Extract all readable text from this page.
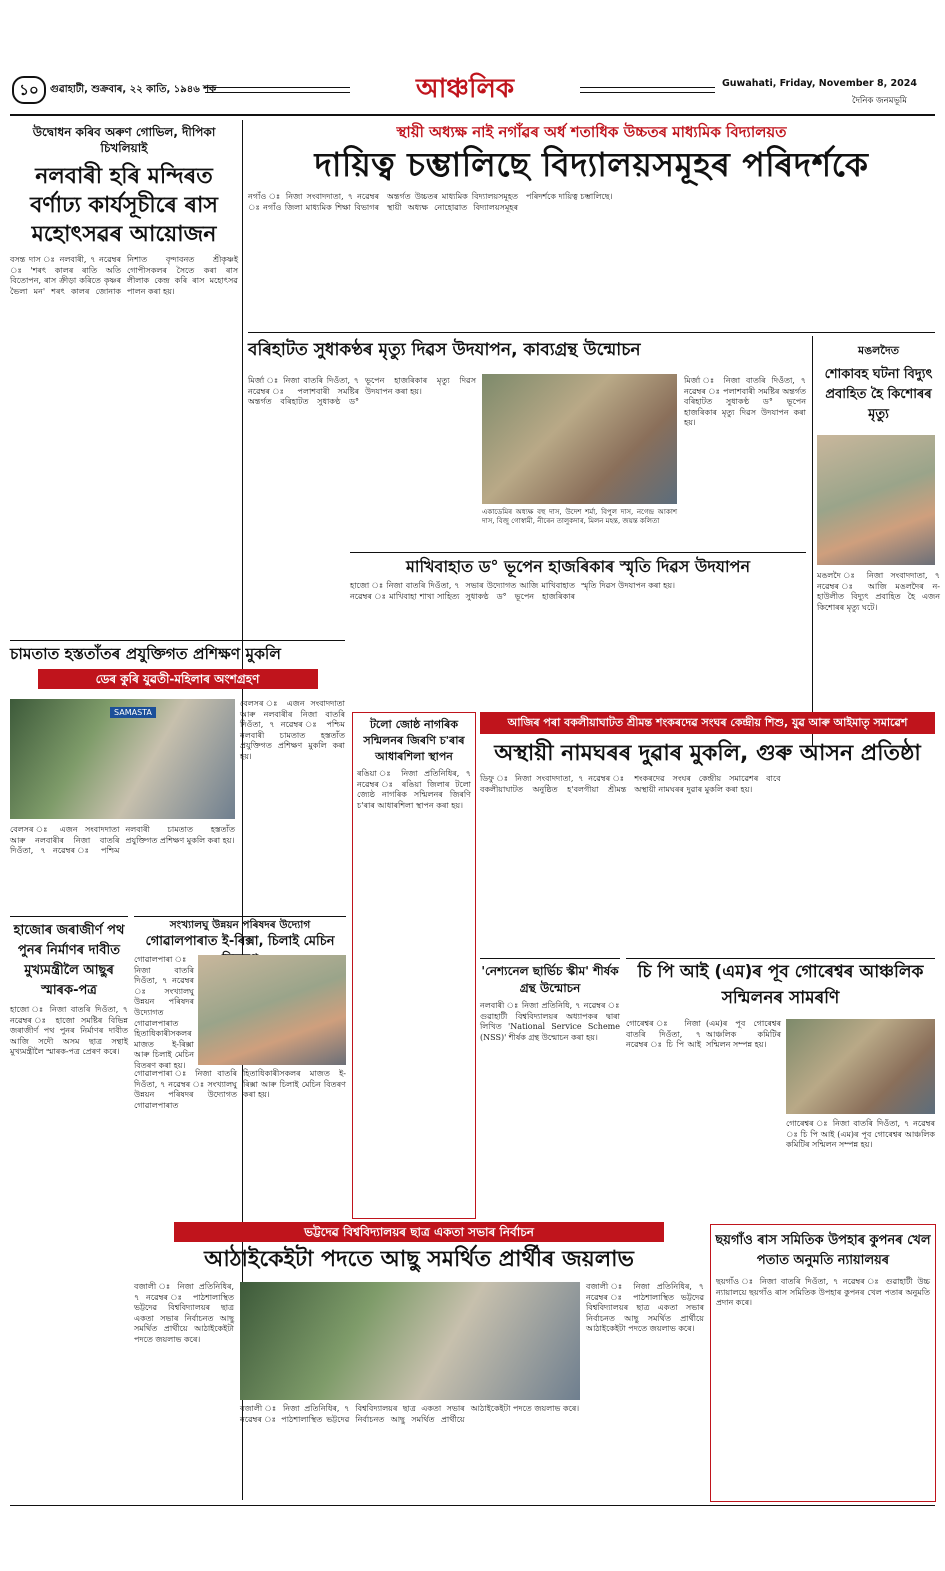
১০	গুৱাহাটী, শুক্ৰবাৰ, ২২ কাতি, ১৯৪৬ শক	আঞ্চলিক	Guwahati, Friday, November 8, 2024
দৈনিক জনমভূমি
উদ্বোধন কৰিব অৰুণ গোভিল, দীপিকা চিখলিয়াই
নলবাৰী হৰি মন্দিৰত বৰ্ণাঢ্য কাৰ্যসূচীৰে ৰাস মহোৎসৱৰ আয়োজন
বসন্ত দাস ঃ নলবাৰী, ৭ নৱেম্বৰ ঃ 'শৰৎ কালৰ ৰাতি অতি বিতোপন, ৰাস ক্ৰীড়া কৰিতে কৃষ্ণৰ ভৈলা মন' শৰৎ কালৰ জোনাক নিশাত বৃন্দাবনত শ্ৰীকৃষ্ণই গোপীসকলৰ সৈতে কৰা ৰাস লীলাক কেন্দ্ৰ কৰি ৰাস মহোৎসৱ পালন কৰা হয়।
স্থায়ী অধ্যক্ষ নাই নগাঁৱৰ অৰ্ধ শতাধিক উচ্চতৰ মাধ্যমিক বিদ্যালয়ত
দায়িত্ব চম্ভালিছে বিদ্যালয়সমূহৰ পৰিদৰ্শকে
নগাঁও ঃ নিজা সংবাদদাতা, ৭ নৱেম্বৰ ঃ নগাঁও জিলা মাধ্যমিক শিক্ষা বিভাগৰ অন্তৰ্গত উচ্চতৰ মাধ্যমিক বিদ্যালয়সমূহত স্থায়ী অধ্যক্ষ নোহোৱাত বিদ্যালয়সমূহৰ পৰিদৰ্শকে দায়িত্ব চম্ভালিছে।
মঙলদৈত
শোকাবহ ঘটনা বিদ্যুৎ প্ৰবাহিত হৈ কিশোৰৰ মৃত্যু
মঙলদৈ ঃ নিজা সংবাদদাতা, ৭ নৱেম্বৰ ঃ আজি মঙলদৈৰ ন-হাউলীত বিদ্যুৎ প্ৰবাহিত হৈ এজন কিশোৰৰ মৃত্যু ঘটে।
বৰিহাটত সুধাকণ্ঠৰ মৃত্যু দিৱস উদযাপন, কাব্যগ্ৰন্থ উন্মোচন
মিৰ্জা ঃ নিজা বাতৰি দিওঁতা, ৭ নৱেম্বৰ ঃ পলাশবাৰী সমষ্টিৰ অন্তৰ্গত বৰিহাটত সুধাকণ্ঠ ড° ভূপেন হাজৰিকাৰ মৃত্যু দিৱস উদযাপন কৰা হয়।
একাডেমিৰ অধ্যক্ষ বহু দাস, উদেশ শৰ্মা, বিপুল দাস, নগেন্দ্ৰ আকাশ দাস, বিজু গোস্বামী, নীৰেন তালুকদাৰ, মিলন মহন্ত, জয়ন্ত কলিতা
মিৰ্জা ঃ নিজা বাতৰি দিওঁতা, ৭ নৱেম্বৰ ঃ পলাশবাৰী সমষ্টিৰ অন্তৰ্গত বৰিহাটত সুধাকণ্ঠ ড° ভূপেন হাজৰিকাৰ মৃত্যু দিৱস উদযাপন কৰা হয়।
মাখিবাহাত ড° ভূপেন হাজৰিকাৰ স্মৃতি দিৱস উদযাপন
হাজো ঃ নিজা বাতৰি দিওঁতা, ৭ নৱেম্বৰ ঃ মাখিবাহা শাখা সাহিত্য সভাৰ উদ্যোগত আজি মাখিবাহাত সুধাকণ্ঠ ড° ভূপেন হাজৰিকাৰ স্মৃতি দিৱস উদযাপন কৰা হয়।
চামতাত হস্ততাঁতৰ প্ৰযুক্তিগত প্ৰশিক্ষণ মুকলি
ডেৰ কুৰি যুৱতী-মহিলাৰ অংশগ্ৰহণ
SAMASTA
বেলসৰ ঃ এজন সংবাদদাতা আৰু নলবাৰীৰ নিজা বাতৰি দিওঁতা, ৭ নৱেম্বৰ ঃ পশ্চিম নলবাৰী চামতাত হস্ততাঁত প্ৰযুক্তিগত প্ৰশিক্ষণ মুকলি কৰা হয়।
বেলসৰ ঃ এজন সংবাদদাতা আৰু নলবাৰীৰ নিজা বাতৰি দিওঁতা, ৭ নৱেম্বৰ ঃ পশ্চিম নলবাৰী চামতাত হস্ততাঁত প্ৰযুক্তিগত প্ৰশিক্ষণ মুকলি কৰা হয়।
টলো জোষ্ঠ নাগৰিক সন্মিলনৰ জিৰণি চ'ৰাৰ আধাৰশিলা স্থাপন
ৰঙিয়া ঃ নিজা প্ৰতিনিধিৰ, ৭ নৱেম্বৰ ঃ ৰঙিয়া জিলাৰ টলো জ্যেষ্ঠ নাগৰিক সন্মিলনৰ জিৰণি চ'ৰাৰ আধাৰশিলা স্থাপন কৰা হয়।
আজিৰ পৰা বকলীয়াঘাটত শ্ৰীমন্ত শংকৰদেৱ সংঘৰ কেন্দ্ৰীয় শিশু, যুৱ আৰু আইমাতৃ সমাৱেশ
অস্থায়ী নামঘৰৰ দুৱাৰ মুকলি, গুৰু আসন প্ৰতিষ্ঠা
ডিফু ঃ নিজা সংবাদদাতা, ৭ নৱেম্বৰ ঃ বকলীয়াঘাটত অনুষ্ঠিত হ'বলগীয়া শ্ৰীমন্ত শংকৰদেৱ সংঘৰ কেন্দ্ৰীয় সমাৱেশৰ বাবে অস্থায়ী নামঘৰৰ দুৱাৰ মুকলি কৰা হয়।
হাজোৰ জৰাজীৰ্ণ পথ পুনৰ নিৰ্মাণৰ দাবীত মুখ্যমন্ত্ৰীলৈ আছুৰ স্মাৰক-পত্ৰ
হাজো ঃ নিজা বাতৰি দিওঁতা, ৭ নৱেম্বৰ ঃ হাজো সমষ্টিৰ বিভিন্ন জৰাজীৰ্ণ পথ পুনৰ নিৰ্মাণৰ দাবীত আজি সদৌ অসম ছাত্ৰ সন্থাই মুখ্যমন্ত্ৰীলৈ স্মাৰক-পত্ৰ প্ৰেৰণ কৰে।
সংখ্যালঘু উন্নয়ন পৰিষদৰ উদ্যোগ
গোৱালপাৰাত ই-ৰিক্সা, চিলাই মেচিন
গোৱালপাৰা ঃ নিজা বাতৰি দিওঁতা, ৭ নৱেম্বৰ ঃ সংখ্যালঘু উন্নয়ন পৰিষদৰ উদ্যোগত গোৱালপাৰাত হিতাধিকাৰীসকলৰ মাজত ই-ৰিক্সা আৰু চিলাই মেচিন বিতৰণ কৰা হয়।
গোৱালপাৰা ঃ নিজা বাতৰি দিওঁতা, ৭ নৱেম্বৰ ঃ সংখ্যালঘু উন্নয়ন পৰিষদৰ উদ্যোগত গোৱালপাৰাত হিতাধিকাৰীসকলৰ মাজত ই-ৰিক্সা আৰু চিলাই মেচিন বিতৰণ কৰা হয়।
'নেশ্যনেল ছাৰ্ভিচ স্কীম' শীৰ্ষক গ্ৰন্থ উন্মোচন
নলবাৰী ঃ নিজা প্ৰতিনিধি, ৭ নৱেম্বৰ ঃ গুৱাহাটী বিশ্ববিদ্যালয়ৰ অধ্যাপকৰ দ্বাৰা লিখিত 'National Service Scheme (NSS)' শীৰ্ষক গ্ৰন্থ উন্মোচন কৰা হয়।
চি পি আই (এম)ৰ পূব গোৰেশ্বৰ আঞ্চলিক সন্মিলনৰ সামৰণি
গোৰেশ্বৰ ঃ নিজা বাতৰি দিওঁতা, ৭ নৱেম্বৰ ঃ চি পি আই (এম)ৰ পূব গোৰেশ্বৰ আঞ্চলিক কমিটিৰ সন্মিলন সম্পন্ন হয়।
গোৰেশ্বৰ ঃ নিজা বাতৰি দিওঁতা, ৭ নৱেম্বৰ ঃ চি পি আই (এম)ৰ পূব গোৰেশ্বৰ আঞ্চলিক কমিটিৰ সন্মিলন সম্পন্ন হয়।
ভট্টদেৱ বিশ্ববিদ্যালয়ৰ ছাত্ৰ একতা সভাৰ নিৰ্বাচন
আঠাইকেইটা পদতে আছু সমৰ্থিত প্ৰাৰ্থীৰ জয়লাভ
বজালী ঃ নিজা প্ৰতিনিধিৰ, ৭ নৱেম্বৰ ঃ পাঠশালাস্থিত ভট্টদেৱ বিশ্ববিদ্যালয়ৰ ছাত্ৰ একতা সভাৰ নিৰ্বাচনত আছু সমৰ্থিত প্ৰাৰ্থীয়ে আঠাইকেইটা পদতে জয়লাভ কৰে।
বজালী ঃ নিজা প্ৰতিনিধিৰ, ৭ নৱেম্বৰ ঃ পাঠশালাস্থিত ভট্টদেৱ বিশ্ববিদ্যালয়ৰ ছাত্ৰ একতা সভাৰ নিৰ্বাচনত আছু সমৰ্থিত প্ৰাৰ্থীয়ে আঠাইকেইটা পদতে জয়লাভ কৰে।
বজালী ঃ নিজা প্ৰতিনিধিৰ, ৭ নৱেম্বৰ ঃ পাঠশালাস্থিত ভট্টদেৱ বিশ্ববিদ্যালয়ৰ ছাত্ৰ একতা সভাৰ নিৰ্বাচনত আছু সমৰ্থিত প্ৰাৰ্থীয়ে আঠাইকেইটা পদতে জয়লাভ কৰে।
ছয়গাঁও ৰাস সমিতিক উপহাৰ কুপনৰ খেল পতাত অনুমতি ন্যায়ালয়ৰ
ছয়গাঁও ঃ নিজা বাতৰি দিওঁতা, ৭ নৱেম্বৰ ঃ গুৱাহাটী উচ্চ ন্যায়ালয়ে ছয়গাঁও ৰাস সমিতিক উপহাৰ কুপনৰ খেল পতাৰ অনুমতি প্ৰদান কৰে।
